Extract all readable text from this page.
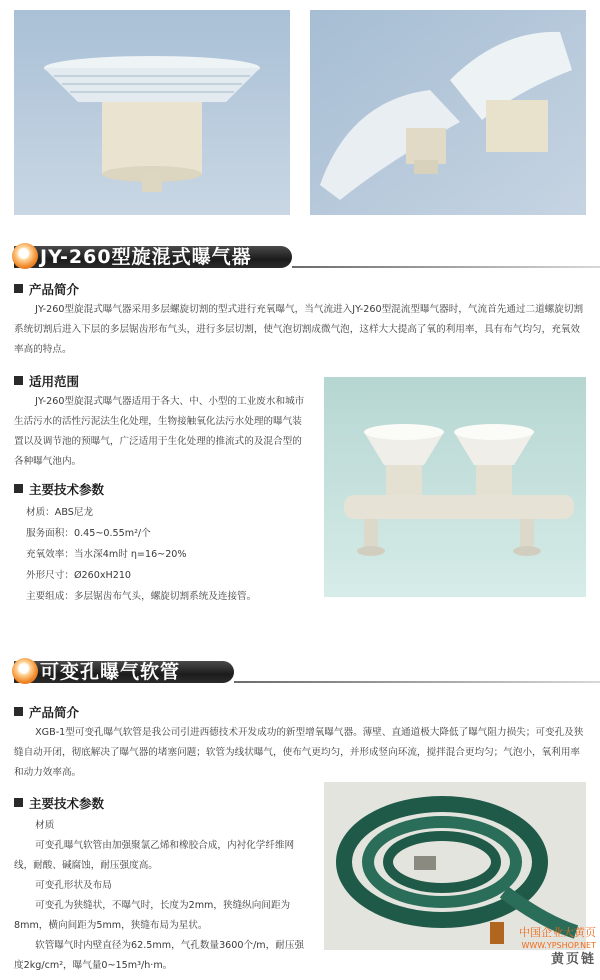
JY-260型旋混式曝气器
产品简介

JY-260型旋混式曝气器采用多层螺旋切割的型式进行充氧曝气，当气流进入JY-260型混流型曝气器时，气流首先通过二道螺旋切割系统切割后进入下层的多层锯齿形布气头，进行多层切割，使气泡切割成微气泡，这样大大提高了氧的利用率，具有布气均匀，充氧效率高的特点。

适用范围

JY-260型旋混式曝气器适用于各大、中、小型的工业废水和城市生活污水的活性污泥法生化处理，生物接触氧化法污水处理的曝气装置以及调节池的预曝气，广泛适用于生化处理的推流式的及混合型的各种曝气池内。

主要技术参数
材质：ABS尼龙
服务面积：0.45~0.55m²/个
充氧效率：当水深4m时 η=16~20%
外形尺寸：Ø260xH210
主要组成：多层锯齿布气头，螺旋切割系统及连接管。
可变孔曝气软管
产品简介

XGB-1型可变孔曝气软管是我公司引进西德技术开发成功的新型增氧曝气器。薄壁、直通道极大降低了曝气阻力损失；可变孔及狭缝自动开闭，彻底解决了曝气器的堵塞问题；软管为线状曝气，使布气更均匀，并形成竖向环流，搅拌混合更均匀；气泡小，氧利用率和动力效率高。

主要技术参数

材质

可变孔曝气软管由加强聚氯乙烯和橡胶合成，内衬化学纤维网线，耐酸、碱腐蚀，耐压强度高。

可变孔形状及布局

可变孔为狭缝状，不曝气时，长度为2mm，狭缝纵向间距为8mm，横向间距为5mm，狭缝布局为星状。

软管曝气时内壁直径为62.5mm，气孔数量3600个/m，耐压强度2kg/cm²，曝气量0~15m³/h·m。

中国企业大黄页
WWW.YPSHOP.NET
黄页链
